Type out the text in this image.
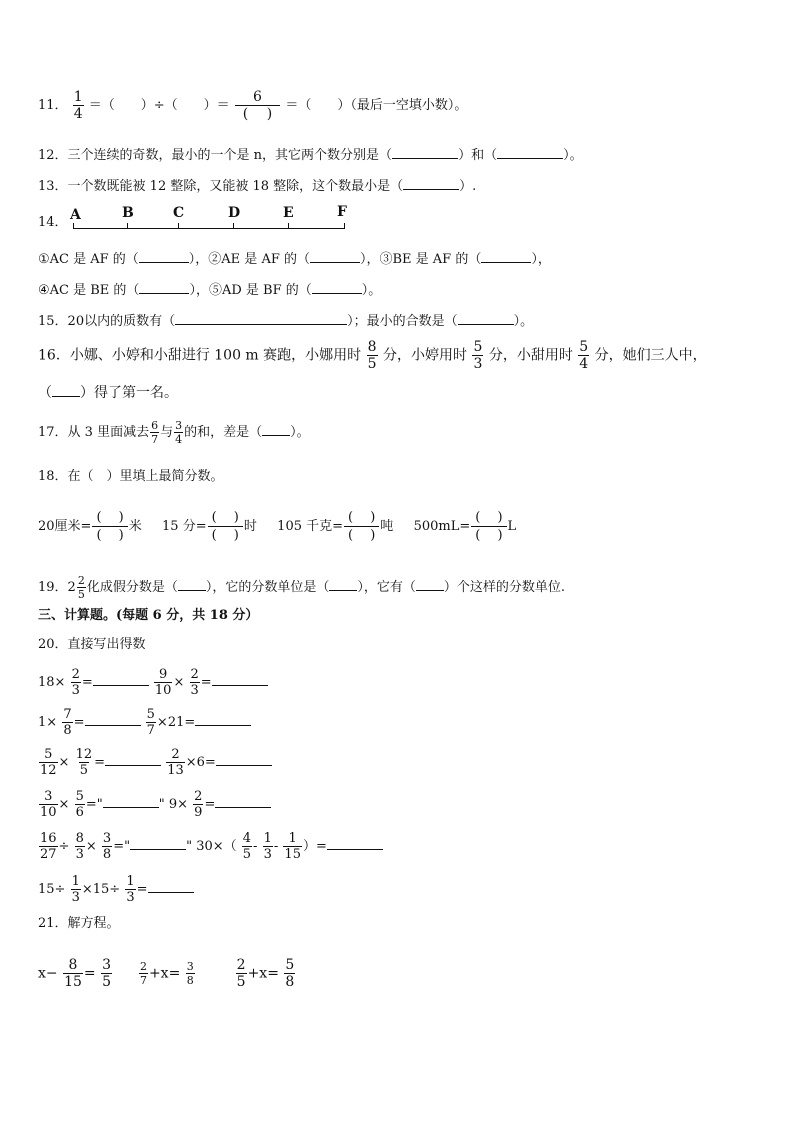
11． $\frac{1}{4}$ ＝（　　）÷（　　）＝ $\frac{6}{( )}$ ＝（　　）（最后一空填小数）。
12．三个连续的奇数，最小的一个是 n，其它两个数分别是（	）和（	）。
13．一个数既能被 12 整除，又能被 18 整除，这个数最小是（	）.
14． A	B	C	D	E	F
①AC 是 AF 的（	），②AE 是 AF 的（	），③BE 是 AF 的（	），
④AC 是 BE 的（	），⑤AD 是 BF 的（	）。
15．20以内的质数有（	）；最小的合数是（	）。
16．小娜、小婷和小甜进行 100 m 赛跑，小娜用时 $\frac{8}{5}$ 分，小婷用时 $\frac{5}{3}$ 分，小甜用时 $\frac{5}{4}$ 分，她们三人中，
（ ）得了第一名。
17．从 3 里面减去 $\frac{6}{7}$ 与 $\frac{3}{4}$ 的和，差是（ ）。
18．在（　）里填上最简分数。
20厘米= $\frac{( )}{( )}$ 米 15 分= $\frac{( )}{( )}$ 时 105 千克= $\frac{( )}{( )}$ 吨 $500mL= \frac{( )}{( )}$ L
19．$2 \frac{2}{5}$ 化成假分数是（ ），它的分数单位是（ ），它有（ ）个这样的分数单位.
三、计算题。(每题 6 分，共 18 分）
20．直接写出得数
$18\times \frac{2}{3}$ =	$\frac{9}{10} \times \frac{2}{3}$ =
$1\times \frac{7}{8}$ =	$\frac{5}{7} \times 21=$
$\frac{5}{12} \times \frac{12}{5}$ =	$\frac{2}{13} \times 6=$
$\frac{3}{10} \times \frac{5}{6}$ ="	" $9\times \frac{2}{9}$ =
$\frac{16}{27} \div \frac{8}{3} \times \frac{3}{8}$ ="	" $30\times( \frac{4}{5} - \frac{1}{3} - \frac{1}{15}$ ）=
$15\div \frac{1}{3} \times 15\div \frac{1}{3}$ =
21．解方程。
$x- \frac{8}{15} = \frac{3}{5}$
$\frac{2}{7} +x= \frac{3}{8}$
	$\frac{2}{5} +x= \frac{5}{8}$
